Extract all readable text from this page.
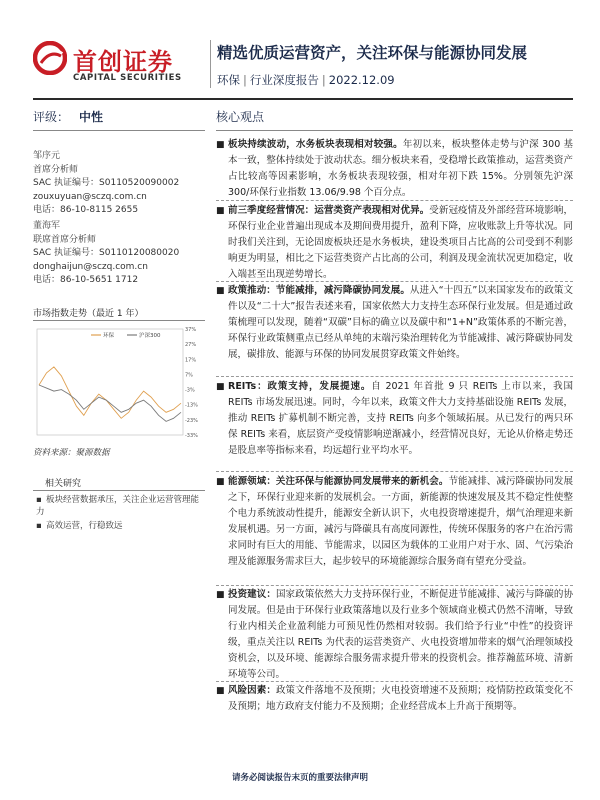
首创证券
CAPITAL SECURITIES
精选优质运营资产，关注环保与能源协同发展
环保 | 行业深度报告 | 2022.12.09
评级： 中性
邹序元
首席分析师
SAC 执证编号：S0110520090002
zouxuyuan@sczq.com.cn
电话：86-10-8115 2655
董海军
联席首席分析师
SAC 执证编号：S0110120080020
donghaijun@sczq.com.cn
电话：86-10-5651 1712
市场指数走势（最近 1 年）
37%
27%
17%
7%
-3%
-13%
-23%
-33%
环保	沪深300
资料来源：聚源数据
相关研究
▪ 板块经营数据承压，关注企业运营管理能力
▪ 高效运营，行稳致远
核心观点
■ 板块持续波动，水务板块表现相对较强。年初以来，板块整体走势与沪深 300 基本一致，整体持续处于波动状态。细分板块来看，受稳增长政策推动，运营类资产占比较高等因素影响，水务板块表现较强，相对年初下跌 15%。分别领先沪深 300/环保行业指数 13.06/9.98 个百分点。
■ 前三季度经营情况：运营类资产表现相对优异。受新冠疫情及外部经营环境影响，环保行业企业普遍出现成本及期间费用提升，盈利下降，应收账款上升等状况。同时我们关注到，无论固废板块还是水务板块，建设类项目占比高的公司受到不利影响更为明显，相比之下运营类资产占比高的公司，利润及现金流状况更加稳定，收入端甚至出现逆势增长。
■ 政策推动：节能减排，减污降碳协同发展。从进入“十四五”以来国家发布的政策文件以及“二十大”报告表述来看，国家依然大力支持生态环保行业发展。但是通过政策梳理可以发现，随着“双碳”目标的确立以及碳中和“1+N”政策体系的不断完善，环保行业政策侧重点已经从单纯的末端污染治理转化为节能减排、减污降碳协同发展，碳排放、能源与环保的协同发展贯穿政策文件始终。
■ REITs：政策支持，发展提速。自 2021 年首批 9 只 REITs 上市以来，我国 REITs 市场发展迅速。同时，今年以来，政策文件大力支持基础设施 REITs 发展，推动 REITs 扩募机制不断完善，支持 REITs 向多个领域拓展。从已发行的两只环保 REITs 来看，底层资产受疫情影响逆渐减小，经营情况良好，无论从价格走势还是股息率等指标来看，均远超行业平均水平。
■ 能源领域：关注环保与能源协同发展带来的新机会。节能减排、减污降碳协同发展之下，环保行业迎来新的发展机会。一方面，新能源的快速发展及其不稳定性使整个电力系统波动性提升，能源安全新认识下，火电投资增速提升，烟气治理迎来新发展机遇。另一方面，减污与降碳具有高度同源性，传统环保服务的客户在治污需求同时有巨大的用能、节能需求，以园区为载体的工业用户对于水、固、气污染治理及能源服务需求巨大，起步较早的环境能源综合服务商有望充分受益。
■ 投资建议：国家政策依然大力支持环保行业，不断促进节能减排、减污与降碳的协同发展。但是由于环保行业政策落地以及行业多个领域商业模式仍然不清晰，导致行业内相关企业盈利能力可预见性仍然相对较弱。我们给予行业“中性”的投资评级，重点关注以 REITs 为代表的运营类资产、火电投资增加带来的烟气治理领域投资机会，以及环境、能源综合服务需求提升带来的投资机会。推荐瀚蓝环境、清新环境等公司。
■ 风险因素：政策文件落地不及预期；火电投资增速不及预期；疫情防控政策变化不及预期；地方政府支付能力不及预期；企业经营成本上升高于预期等。
请务必阅读报告末页的重要法律声明
